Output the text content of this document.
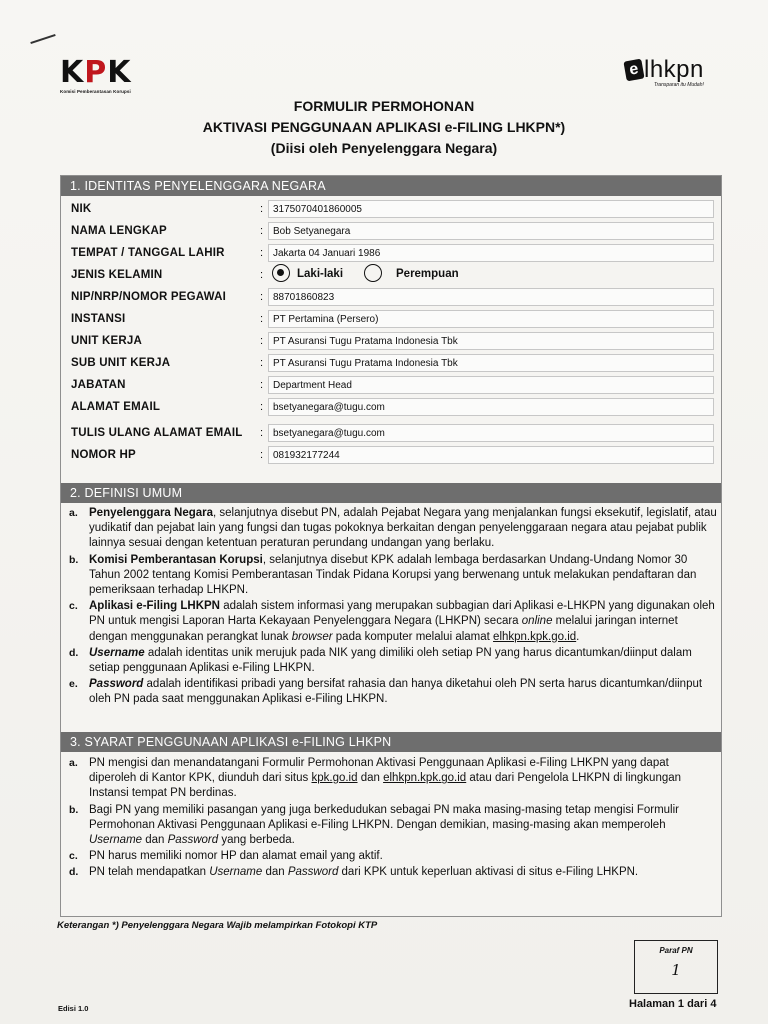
KPK
Komisi Pemberantasan Korupsi
e lhkpn
Transparan itu Mudah!
FORMULIR PERMOHONAN
AKTIVASI PENGGUNAAN APLIKASI e-FILING LHKPN*)
(Diisi oleh Penyelenggara Negara)
1. IDENTITAS PENYELENGGARA NEGARA
NIK	: 3175070401860005
NAMA LENGKAP	: Bob Setyanegara
TEMPAT / TANGGAL LAHIR	: Jakarta 04 Januari 1986
JENIS KELAMIN	:	Laki-laki	Perempuan
NIP/NRP/NOMOR PEGAWAI	: 88701860823
INSTANSI	: PT Pertamina (Persero)
UNIT KERJA	: PT Asuransi Tugu Pratama Indonesia Tbk
SUB UNIT KERJA	: PT Asuransi Tugu Pratama Indonesia Tbk
JABATAN	: Department Head
ALAMAT EMAIL	: bsetyanegara@tugu.com
TULIS ULANG ALAMAT EMAIL : bsetyanegara@tugu.com
NOMOR HP	: 081932177244
2. DEFINISI UMUM
a. Penyelenggara Negara, selanjutnya disebut PN, adalah Pejabat Negara yang menjalankan fungsi eksekutif, legislatif, atau yudikatif dan pejabat lain yang fungsi dan tugas pokoknya berkaitan dengan penyelenggaraan negara atau pejabat publik lainnya sesuai dengan ketentuan peraturan perundang undangan yang berlaku.
b. Komisi Pemberantasan Korupsi, selanjutnya disebut KPK adalah lembaga berdasarkan Undang-Undang Nomor 30 Tahun 2002 tentang Komisi Pemberantasan Tindak Pidana Korupsi yang berwenang untuk melakukan pendaftaran dan pemeriksaan terhadap LHKPN.
c. Aplikasi e-Filing LHKPN adalah sistem informasi yang merupakan subbagian dari Aplikasi e-LHKPN yang digunakan oleh PN untuk mengisi Laporan Harta Kekayaan Penyelenggara Negara (LHKPN) secara online melalui jaringan internet dengan menggunakan perangkat lunak browser pada komputer melalui alamat elhkpn.kpk.go.id.
d. Username adalah identitas unik merujuk pada NIK yang dimiliki oleh setiap PN yang harus dicantumkan/diinput dalam setiap penggunaan Aplikasi e-Filing LHKPN.
e. Password adalah identifikasi pribadi yang bersifat rahasia dan hanya diketahui oleh PN serta harus dicantumkan/diinput oleh PN pada saat menggunakan Aplikasi e-Filing LHKPN.
3. SYARAT PENGGUNAAN APLIKASI e-FILING LHKPN
a. PN mengisi dan menandatangani Formulir Permohonan Aktivasi Penggunaan Aplikasi e-Filing LHKPN yang dapat diperoleh di Kantor KPK, diunduh dari situs kpk.go.id dan elhkpn.kpk.go.id atau dari Pengelola LHKPN di lingkungan Instansi tempat PN berdinas.
b. Bagi PN yang memiliki pasangan yang juga berkedudukan sebagai PN maka masing-masing tetap mengisi Formulir Permohonan Aktivasi Penggunaan Aplikasi e-Filing LHKPN. Dengan demikian, masing-masing akan memperoleh Username dan Password yang berbeda.
c. PN harus memiliki nomor HP dan alamat email yang aktif.
d. PN telah mendapatkan Username dan Password dari KPK untuk keperluan aktivasi di situs e-Filing LHKPN.
Keterangan *) Penyelenggara Negara Wajib melampirkan Fotokopi KTP
Paraf PN
1
Edisi 1.0	Halaman 1 dari 4
